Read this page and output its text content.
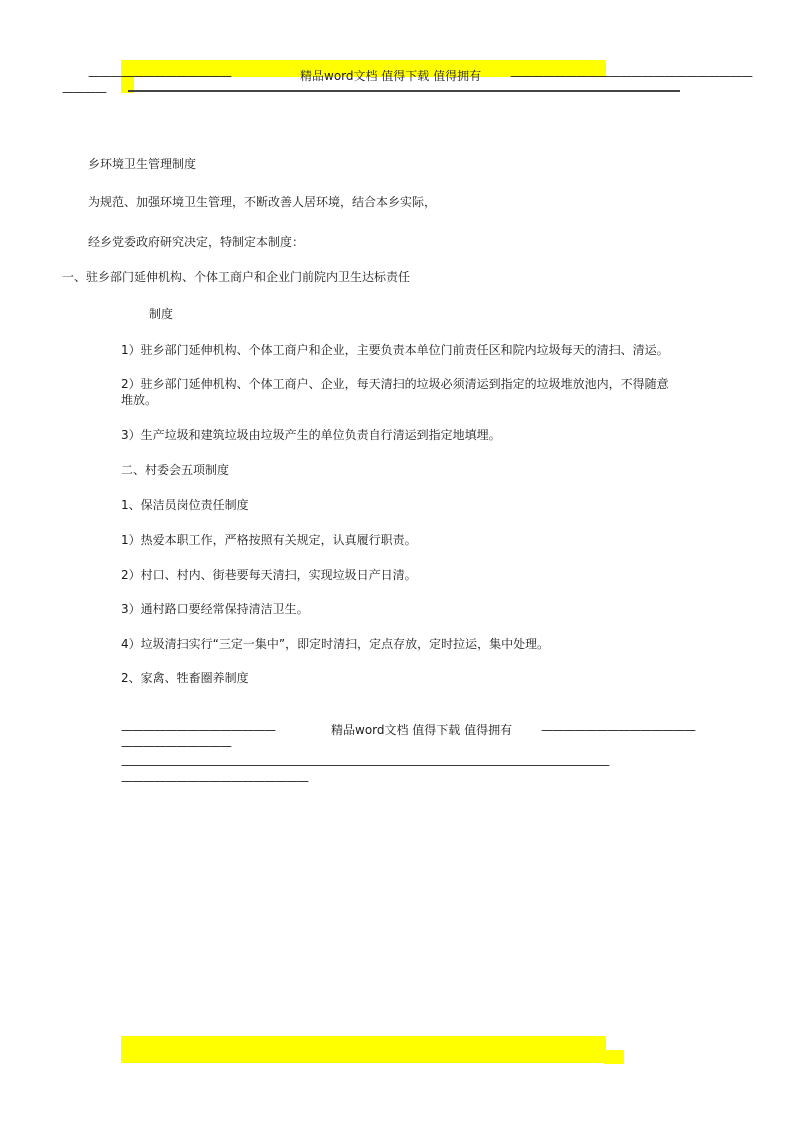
—————————————	精品word文档 值得下载 值得拥有 ——————————————————————
————
乡环境卫生管理制度
为规范、加强环境卫生管理，不断改善人居环境，结合本乡实际，
经乡党委政府研究决定，特制定本制度：
一、驻乡部门延伸机构、个体工商户和企业门前院内卫生达标责任
制度
1）驻乡部门延伸机构、个体工商户和企业，主要负责本单位门前责任区和院内垃圾每天的清扫、清运。
2）驻乡部门延伸机构、个体工商户、企业，每天清扫的垃圾必须清运到指定的垃圾堆放池内，不得随意
堆放。
3）生产垃圾和建筑垃圾由垃圾产生的单位负责自行清运到指定地填埋。
二、村委会五项制度
1、保洁员岗位责任制度
1）热爱本职工作，严格按照有关规定，认真履行职责。
2）村口、村内、街巷要每天清扫，实现垃圾日产日清。
3）通村路口要经常保持清洁卫生。
4）垃圾清扫实行“三定一集中”，即定时清扫，定点存放，定时拉运，集中处理。
2、家禽、牲畜圈养制度
——————————————	精品word文档 值得下载 值得拥有 ——————————————
——————————
——————————————————————————————————————————————
—————————————————
